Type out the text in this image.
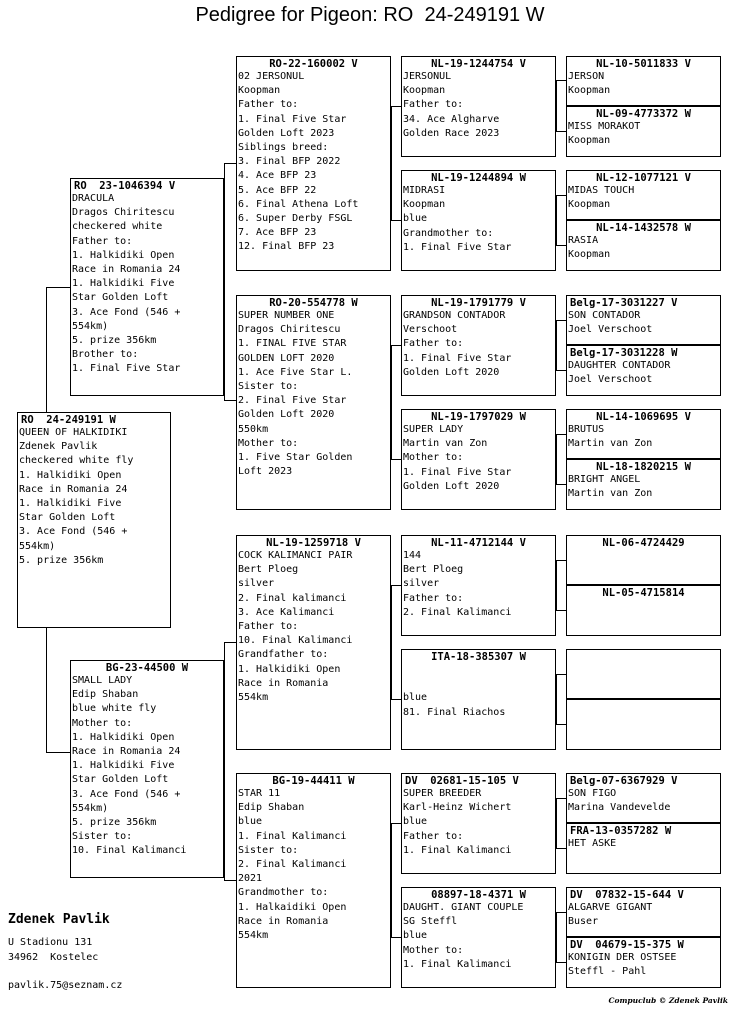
Pedigree for Pigeon: RO  24-249191 W
RO  24-249191 W
QUEEN OF HALKIDIKI
Zdenek Pavlik
checkered white fly
1. Halkidiki Open
Race in Romania 24
1. Halkidiki Five
Star Golden Loft
3. Ace Fond (546 +
554km)
5. prize 356km
RO  23-1046394 V
DRACULA
Dragos Chiritescu
checkered white
Father to:
1. Halkidiki Open
Race in Romania 24
1. Halkidiki Five
Star Golden Loft
3. Ace Fond (546 +
554km)
5. prize 356km
Brother to:
1. Final Five Star
BG-23-44500 W
SMALL LADY
Edip Shaban
blue white fly
Mother to:
1. Halkidiki Open
Race in Romania 24
1. Halkidiki Five
Star Golden Loft
3. Ace Fond (546 +
554km)
5. prize 356km
Sister to:
10. Final Kalimanci
RO-22-160002 V
02 JERSONUL
Koopman
Father to:
1. Final Five Star
Golden Loft 2023
Siblings breed:
3. Final BFP 2022
4. Ace BFP 23
5. Ace BFP 22
6. Final Athena Loft
6. Super Derby FSGL
7. Ace BFP 23
12. Final BFP 23
RO-20-554778 W
SUPER NUMBER ONE
Dragos Chiritescu
1. FINAL FIVE STAR
GOLDEN LOFT 2020
1. Ace Five Star L.
Sister to:
2. Final Five Star
Golden Loft 2020
550km
Mother to:
1. Five Star Golden
Loft 2023
NL-19-1259718 V
COCK KALIMANCI PAIR
Bert Ploeg
silver
2. Final kalimanci
3. Ace Kalimanci
Father to:
10. Final Kalimanci
Grandfather to:
1. Halkidiki Open
Race in Romania
554km
BG-19-44411 W
STAR 11
Edip Shaban
blue
1. Final Kalimanci
Sister to:
2. Final Kalimanci
2021
Grandmother to:
1. Halkaidiki Open
Race in Romania
554km
NL-19-1244754 V
JERSONUL
Koopman
Father to:
34. Ace Algharve
Golden Race 2023
NL-19-1244894 W
MIDRASI
Koopman
blue
Grandmother to:
1. Final Five Star
NL-19-1791779 V
GRANDSON CONTADOR
Verschoot
Father to:
1. Final Five Star
Golden Loft 2020
NL-19-1797029 W
SUPER LADY
Martin van Zon
Mother to:
1. Final Five Star
Golden Loft 2020
NL-11-4712144 V
144
Bert Ploeg
silver
Father to:
2. Final Kalimanci
ITA-18-385307 W

blue
81. Final Riachos
DV  02681-15-105 V
SUPER BREEDER
Karl-Heinz Wichert
blue
Father to:
1. Final Kalimanci
08897-18-4371 W
DAUGHT. GIANT COUPLE
SG Steffl
blue
Mother to:
1. Final Kalimanci
NL-10-5011833 V
JERSON
Koopman
NL-09-4773372 W
MISS MORAKOT
Koopman
NL-12-1077121 V
MIDAS TOUCH
Koopman
NL-14-1432578 W
RASIA
Koopman
Belg-17-3031227 V
SON CONTADOR
Joel Verschoot
Belg-17-3031228 W
DAUGHTER CONTADOR
Joel Verschoot
NL-14-1069695 V
BRUTUS
Martin van Zon
NL-18-1820215 W
BRIGHT ANGEL
Martin van Zon
NL-06-4724429
NL-05-4715814
Belg-07-6367929 V
SON FIGO
Marina Vandevelde
FRA-13-0357282 W
HET ASKE
DV  07832-15-644 V
ALGARVE GIGANT
Buser
DV  04679-15-375 W
KONIGIN DER OSTSEE
Steffl - Pahl
Zdenek Pavlik
U Stadionu 131
34962  Kostelec
pavlik.75@seznam.cz
Compuclub © Zdenek Pavlik
